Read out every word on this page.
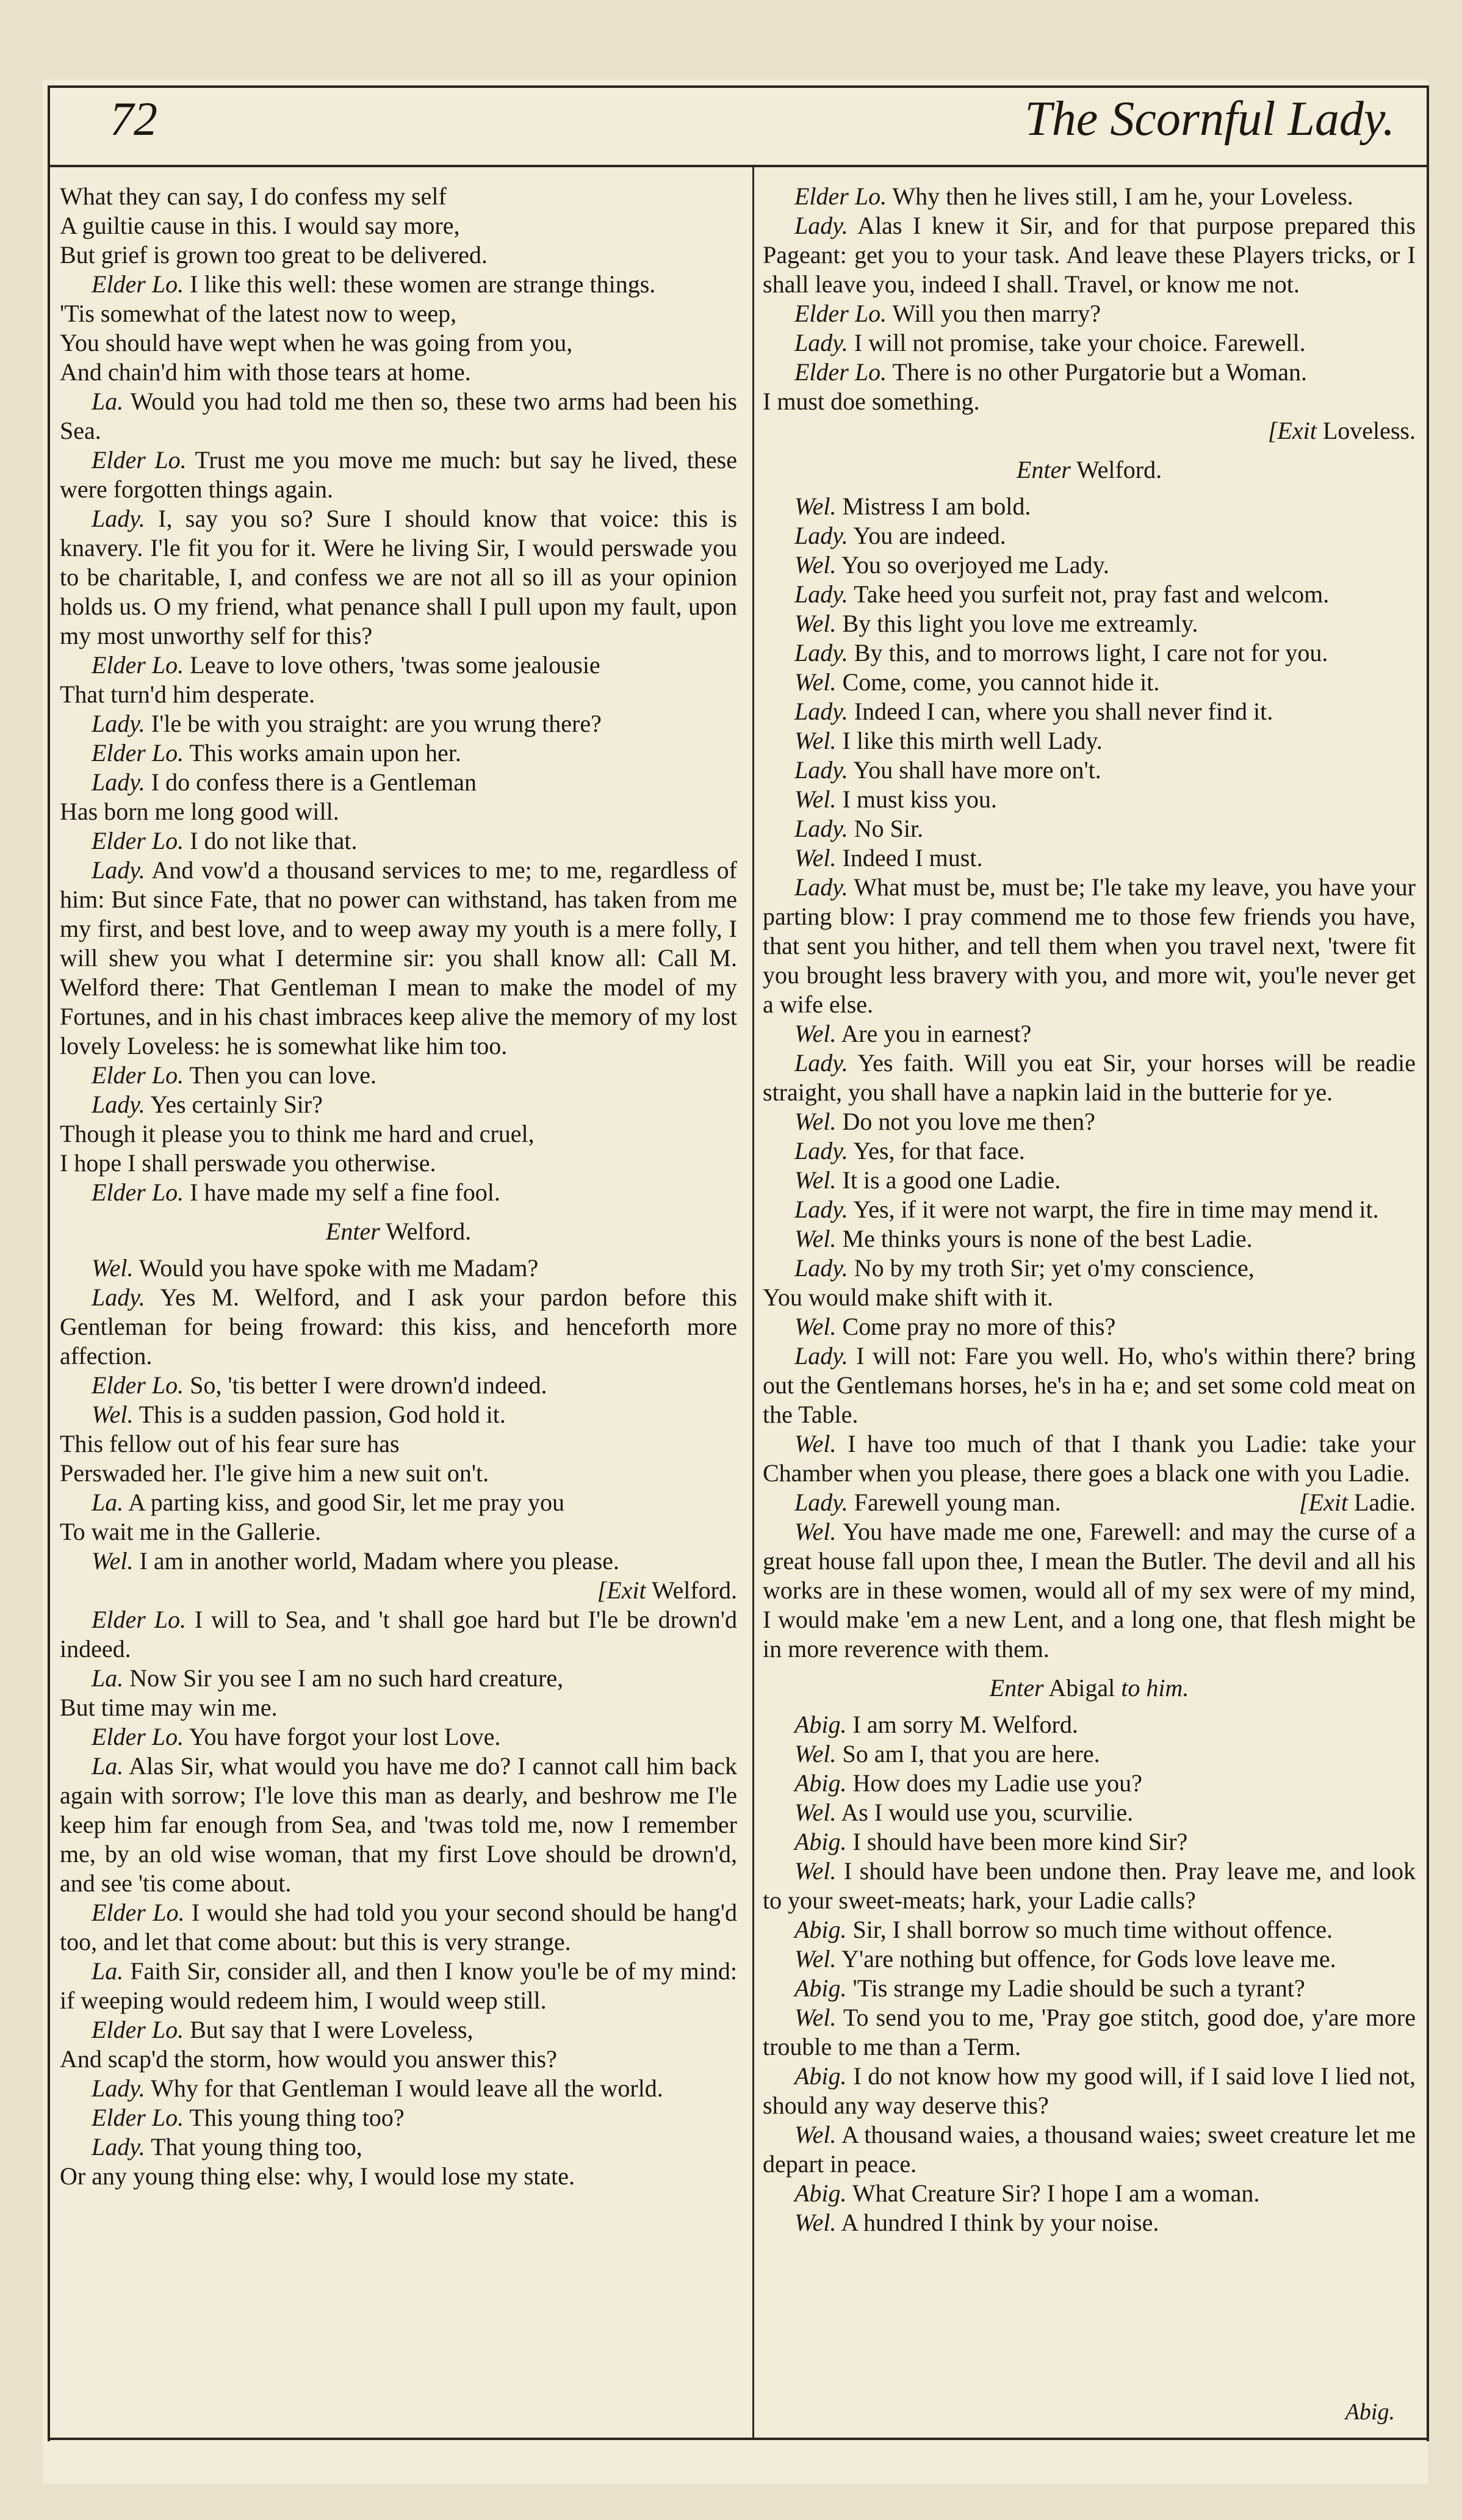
72	The Scornful Lady.

What they can say, I do confess my self

A guiltie cause in this. I would say more,

But grief is grown too great to be delivered.

Elder Lo. I like this well: these women are strange things.

'Tis somewhat of the latest now to weep,

You should have wept when he was going from you,

And chain'd him with those tears at home.

La. Would you had told me then so, these two arms had been his Sea.

Elder Lo. Trust me you move me much: but say he lived, these were forgotten things again.

Lady. I, say you so? Sure I should know that voice: this is knavery. I'le fit you for it. Were he living Sir, I would perswade you to be charitable, I, and confess we are not all so ill as your opinion holds us. O my friend, what penance shall I pull upon my fault, upon my most unworthy self for this?

Elder Lo. Leave to love others, 'twas some jealousie

That turn'd him desperate.

Lady. I'le be with you straight: are you wrung there?

Elder Lo. This works amain upon her.

Lady. I do confess there is a Gentleman

Has born me long good will.

Elder Lo. I do not like that.

Lady. And vow'd a thousand services to me; to me, regardless of him: But since Fate, that no power can withstand, has taken from me my first, and best love, and to weep away my youth is a mere folly, I will shew you what I determine sir: you shall know all: Call M. Welford there: That Gentleman I mean to make the model of my Fortunes, and in his chast imbraces keep alive the memory of my lost lovely Loveless: he is somewhat like him too.

Elder Lo. Then you can love.

Lady. Yes certainly Sir?

Though it please you to think me hard and cruel,

I hope I shall perswade you otherwise.

Elder Lo. I have made my self a fine fool.

Enter Welford.

Wel. Would you have spoke with me Madam?

Lady. Yes M. Welford, and I ask your pardon before this Gentleman for being froward: this kiss, and henceforth more affection.

Elder Lo. So, 'tis better I were drown'd indeed.

Wel. This is a sudden passion, God hold it.

This fellow out of his fear sure has

Perswaded her. I'le give him a new suit on't.

La. A parting kiss, and good Sir, let me pray you

To wait me in the Gallerie.

Wel. I am in another world, Madam where you please.

[Exit Welford.

Elder Lo. I will to Sea, and 't shall goe hard but I'le be drown'd indeed.

La. Now Sir you see I am no such hard creature,

But time may win me.

Elder Lo. You have forgot your lost Love.

La. Alas Sir, what would you have me do? I cannot call him back again with sorrow; I'le love this man as dearly, and beshrow me I'le keep him far enough from Sea, and 'twas told me, now I remember me, by an old wise woman, that my first Love should be drown'd, and see 'tis come about.

Elder Lo. I would she had told you your second should be hang'd too, and let that come about: but this is very strange.

La. Faith Sir, consider all, and then I know you'le be of my mind: if weeping would redeem him, I would weep still.

Elder Lo. But say that I were Loveless,

And scap'd the storm, how would you answer this?

Lady. Why for that Gentleman I would leave all the world.

Elder Lo. This young thing too?

Lady. That young thing too,

Or any young thing else: why, I would lose my state.

Elder Lo. Why then he lives still, I am he, your Loveless.

Lady. Alas I knew it Sir, and for that purpose prepared this Pageant: get you to your task. And leave these Players tricks, or I shall leave you, indeed I shall. Travel, or know me not.

Elder Lo. Will you then marry?

Lady. I will not promise, take your choice. Farewell.

Elder Lo. There is no other Purgatorie but a Woman.

I must doe something.

[Exit Loveless.

Enter Welford.

Wel. Mistress I am bold.

Lady. You are indeed.

Wel. You so overjoyed me Lady.

Lady. Take heed you surfeit not, pray fast and welcom.

Wel. By this light you love me extreamly.

Lady. By this, and to morrows light, I care not for you.

Wel. Come, come, you cannot hide it.

Lady. Indeed I can, where you shall never find it.

Wel. I like this mirth well Lady.

Lady. You shall have more on't.

Wel. I must kiss you.

Lady. No Sir.

Wel. Indeed I must.

Lady. What must be, must be; I'le take my leave, you have your parting blow: I pray commend me to those few friends you have, that sent you hither, and tell them when you travel next, 'twere fit you brought less bravery with you, and more wit, you'le never get a wife else.

Wel. Are you in earnest?

Lady. Yes faith. Will you eat Sir, your horses will be readie straight, you shall have a napkin laid in the butterie for ye.

Wel. Do not you love me then?

Lady. Yes, for that face.

Wel. It is a good one Ladie.

Lady. Yes, if it were not warpt, the fire in time may mend it.

Wel. Me thinks yours is none of the best Ladie.

Lady. No by my troth Sir; yet o'my conscience,

You would make shift with it.

Wel. Come pray no more of this?

Lady. I will not: Fare you well. Ho, who's within there? bring out the Gentlemans horses, he's in ha e; and set some cold meat on the Table.

Wel. I have too much of that I thank you Ladie: take your Chamber when you please, there goes a black one with you Ladie.

Lady. Farewell young man.	[Exit Ladie.

Wel. You have made me one, Farewell: and may the curse of a great house fall upon thee, I mean the Butler. The devil and all his works are in these women, would all of my sex were of my mind, I would make 'em a new Lent, and a long one, that flesh might be in more reverence with them.

Enter Abigal to him.

Abig. I am sorry M. Welford.

Wel. So am I, that you are here.

Abig. How does my Ladie use you?

Wel. As I would use you, scurvilie.

Abig. I should have been more kind Sir?

Wel. I should have been undone then. Pray leave me, and look to your sweet-meats; hark, your Ladie calls?

Abig. Sir, I shall borrow so much time without offence.

Wel. Y'are nothing but offence, for Gods love leave me.

Abig. 'Tis strange my Ladie should be such a tyrant?

Wel. To send you to me, 'Pray goe stitch, good doe, y'are more trouble to me than a Term.

Abig. I do not know how my good will, if I said love I lied not, should any way deserve this?

Wel. A thousand waies, a thousand waies; sweet creature let me depart in peace.

Abig. What Creature Sir? I hope I am a woman.

Wel. A hundred I think by your noise.

Abig.
